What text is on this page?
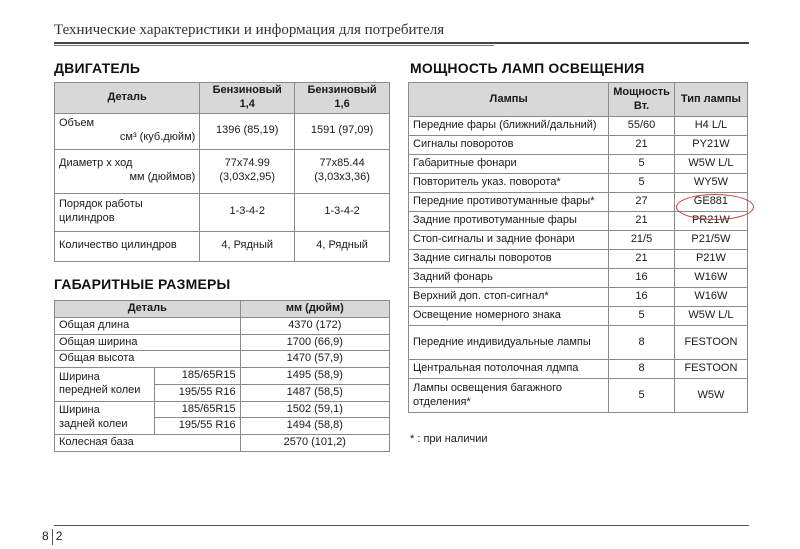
Технические характеристики и информация для потребителя
ДВИГАТЕЛЬ
Деталь	Бензиновый 1,4	Бензиновый 1,6

Объем
см³ (куб.дюйм)	1396 (85,19)	1591 (97,09)

Диаметр х ход
мм (дюймов)	77x74.99 (3,03x2,95)	77x85.44 (3,03x3,36)
Порядок работы цилиндров	1-3-4-2	1-3-4-2
Количество цилиндров	4, Рядный	4, Рядный
ГАБАРИТНЫЕ РАЗМЕРЫ
Деталь		мм (дюйм)
Общая длина		4370 (172)
Общая ширина		1700 (66,9)
Общая высота		1470 (57,9)

Ширина
передней колеи	185/65R15	1495 (58,9)
	195/55 R16	1487 (58,5)

Ширина
задней колеи	185/65R15	1502 (59,1)
	195/55 R16	1494 (58,8)
Колесная база		2570 (101,2)
МОЩНОСТЬ ЛАМП ОСВЕЩЕНИЯ
Лампы	Мощность Вт.	Тип лампы
Передние фары (ближний/дальний)	55/60	H4 L/L
Сигналы поворотов	21	PY21W
Габаритные фонари	5	W5W L/L
Повторитель указ. поворота*	5	WY5W
Передние противотуманные фары*	27	GE881
Задние противотуманные фары	21	PR21W
Стоп-сигналы и задние фонари	21/5	P21/5W
Задние сигналы поворотов	21	P21W
Задний фонарь	16	W16W
Верхний доп. стоп-сигнал*	16	W16W
Освещение номерного знака	5	W5W L/L
Передние индивидуальные лампы	8	FESTOON
Центральная потолочная лдмпа	8	FESTOON
Лампы освещения багажного отделения*	5	W5W
* : при наличии
8 2
